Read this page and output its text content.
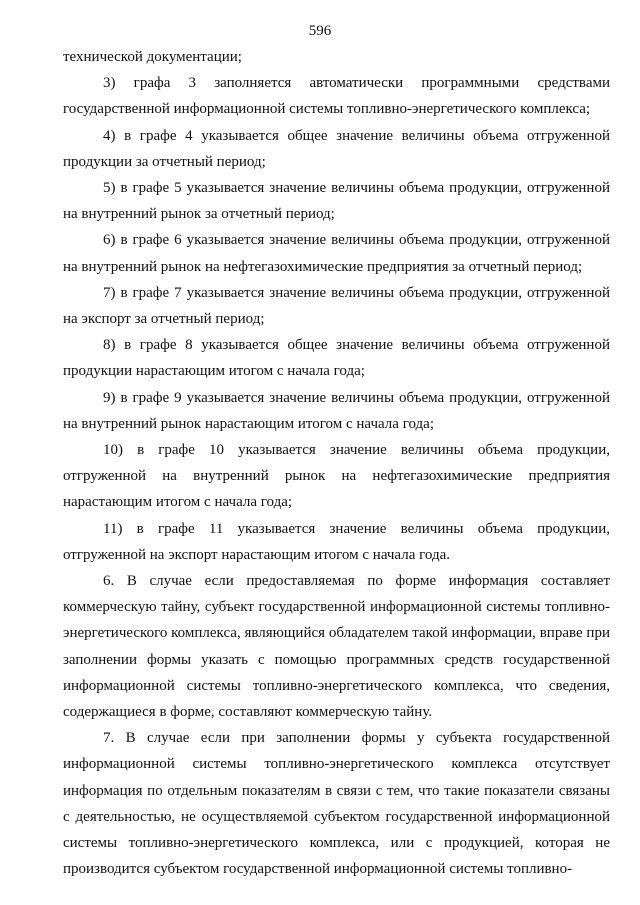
596

технической документации;

3) графа 3 заполняется автоматически программными средствами государственной информационной системы топливно-энергетического комплекса;

4) в графе 4 указывается общее значение величины объема отгруженной продукции за отчетный период;

5) в графе 5 указывается значение величины объема продукции, отгруженной на внутренний рынок за отчетный период;

6) в графе 6 указывается значение величины объема продукции, отгруженной на внутренний рынок на нефтегазохимические предприятия за отчетный период;

7) в графе 7 указывается значение величины объема продукции, отгруженной на экспорт за отчетный период;

8) в графе 8 указывается общее значение величины объема отгруженной продукции нарастающим итогом с начала года;

9) в графе 9 указывается значение величины объема продукции, отгруженной на внутренний рынок нарастающим итогом с начала года;

10) в графе 10 указывается значение величины объема продукции, отгруженной на внутренний рынок на нефтегазохимические предприятия нарастающим итогом с начала года;

11) в графе 11 указывается значение величины объема продукции, отгруженной на экспорт нарастающим итогом с начала года.

6. В случае если предоставляемая по форме информация составляет коммерческую тайну, субъект государственной информационной системы топливно-энергетического комплекса, являющийся обладателем такой информации, вправе при заполнении формы указать с помощью программных средств государственной информационной системы топливно-энергетического комплекса, что сведения, содержащиеся в форме, составляют коммерческую тайну.

7. В случае если при заполнении формы у субъекта государственной информационной системы топливно-энергетического комплекса отсутствует информация по отдельным показателям в связи с тем, что такие показатели связаны с деятельностью, не осуществляемой субъектом государственной информационной системы топливно-энергетического комплекса, или с продукцией, которая не производится субъектом государственной информационной системы топливно-
